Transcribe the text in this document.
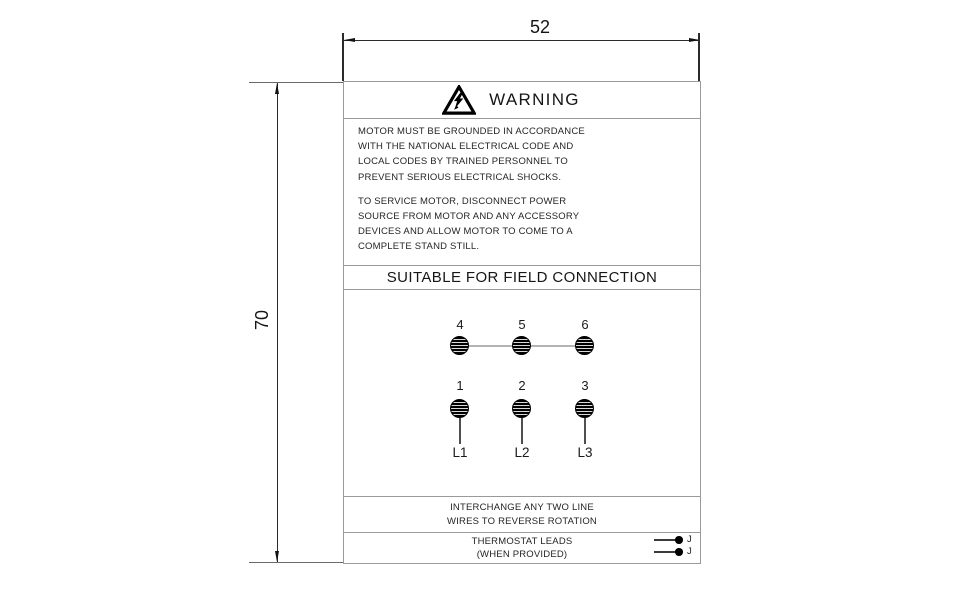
52
70
WARNING
MOTOR MUST BE GROUNDED IN ACCORDANCE
WITH THE NATIONAL ELECTRICAL CODE AND
LOCAL CODES BY TRAINED PERSONNEL TO
PREVENT SERIOUS ELECTRICAL SHOCKS.
TO SERVICE MOTOR, DISCONNECT POWER
SOURCE FROM MOTOR AND ANY ACCESSORY
DEVICES AND ALLOW MOTOR TO COME TO A
COMPLETE STAND STILL.
SUITABLE FOR FIELD CONNECTION
4	5	6
1	2	3
L1	L2	L3
INTERCHANGE ANY TWO LINE
WIRES TO REVERSE ROTATION
THERMOSTAT LEADS
(WHEN PROVIDED)
J
J
